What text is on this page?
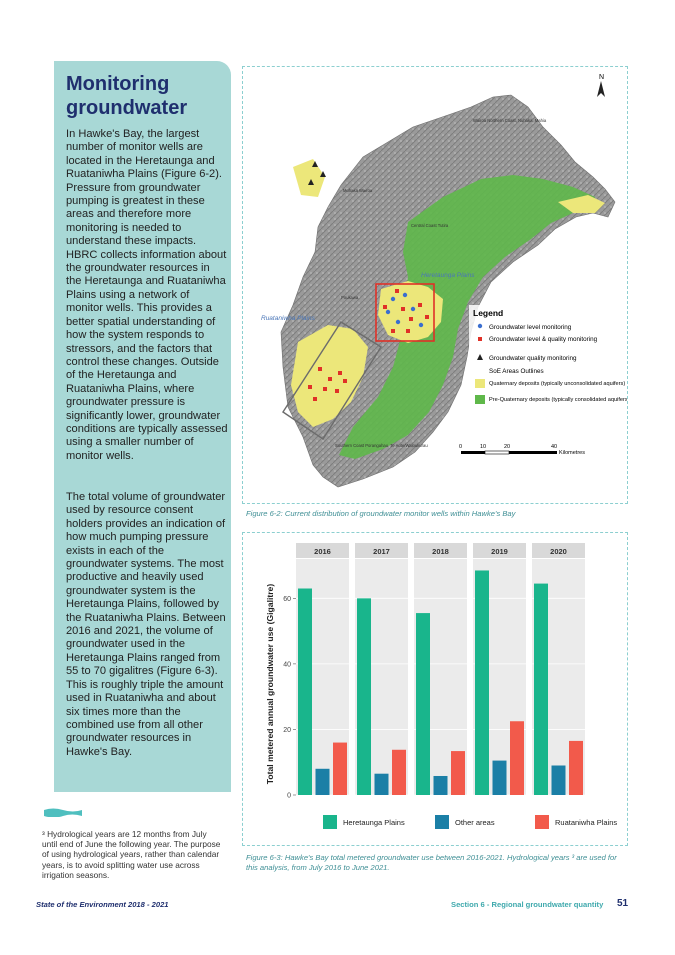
Monitoring
groundwater
In Hawke's Bay, the largest number of monitor wells are located in the Heretaunga and Ruataniwha Plains (Figure 6-2). Pressure from groundwater pumping is greatest in these areas and therefore more monitoring is needed to understand these impacts. HBRC collects information about the groundwater resources in the Heretaunga and Ruataniwha Plains using a network of monitor wells. This provides a better spatial understanding of how the system responds to stressors, and the factors that control these changes. Outside of the Heretaunga and Ruataniwha Plains, where groundwater pressure is significantly lower, groundwater conditions are typically assessed using a smaller number of monitor wells.
The total volume of groundwater used by resource consent holders provides an indication of how much pumping pressure exists in each of the groundwater systems. The most productive and heavily used groundwater system is the Heretaunga Plains, followed by the Ruataniwha Plains. Between 2016 and 2021, the volume of groundwater used in the Heretaunga Plains ranged from 55 to 70 gigalitres (Figure 6-3). This is roughly triple the amount used in Ruataniwha and about six times more than the combined use from all other groundwater resources in Hawke's Bay.
³ Hydrological years are 12 months from July until end of June the following year. The purpose of using hydrological years, rather than calendar years, is to avoid splitting water use across irrigation seasons.
N
Ruataniwha Plains
Heretaunga Plains
Wairoa Northern Coast, Nuhaka, Mahia
Mohaka Wairoa
Central Coast Tutira
Southern Coast Porangahau, Te Aute/Waipukurau
Poukawa
Legend
Groundwater level monitoring
Groundwater level & quality monitoring
Groundwater quality monitoring
SoE Areas Outlines
Quaternary deposits (typically unconsolidated aquifers)
Pre-Quaternary deposits (typically consolidated aquifers)
0	10	20	40
Kilometres
Figure 6-2: Current distribution of groundwater monitor wells within Hawke's Bay
Total metered annual groundwater use (Gigalitre)
0
20
40
60
2016	2017	2018	2019	2020
Heretaunga Plains	Other areas	Ruataniwha Plains
Figure 6-3: Hawke's Bay total metered groundwater use between 2016-2021. Hydrological years ³ are used for this analysis, from July 2016 to June 2021.
State of the Environment 2018 - 2021	Section 6 - Regional groundwater quantity 51
